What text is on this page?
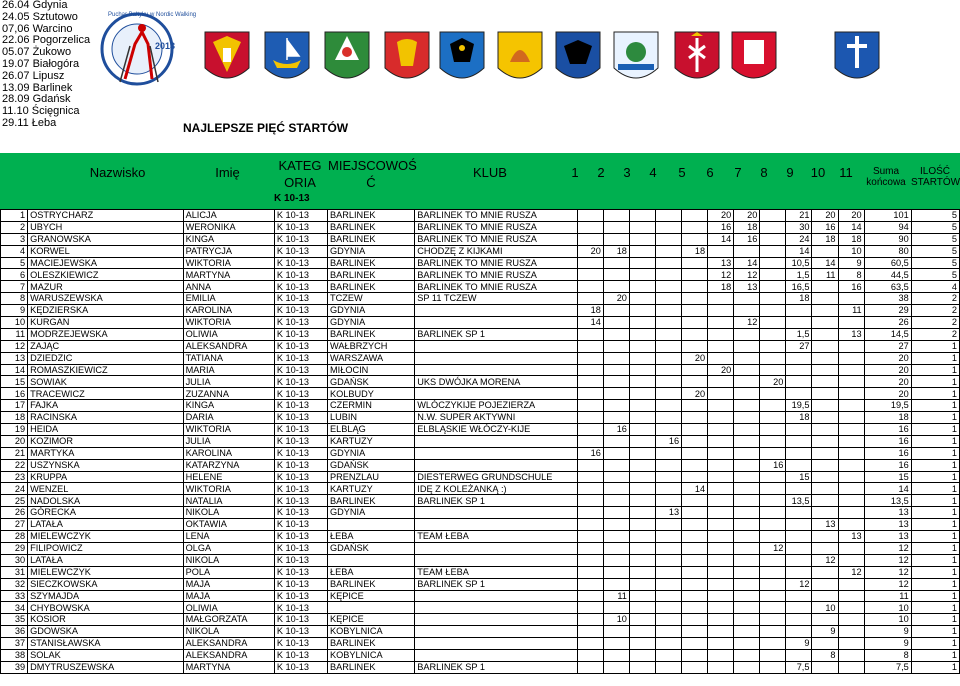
26.04 Gdynia
24.05 Sztutowo
07,06 Warcino
22.06 Pogorzelica
05.07 Żukowo
19.07 Białogóra
26.07 Lipusz
13.09 Barlinek
28.09 Gdańsk
11.10 Ścięgnica
29.11 Łeba
2013
Puchar Bałtyku w Nordic Walking
NAJLEPSZE PIĘĆ STARTÓW
Nazwisko	Imię	KATEG
ORIA
MIEJSCOWOŚ
Ć
KLUB	1 2 3 4 5 6 7 8 9 10 11	Suma
końcowa
ILOŚĆ
STARTÓW
K 10-13
1	OSTRYCHARZ	ALICJA	K 10-13	BARLINEK	BARLINEK TO MNIE RUSZA						20	20		21	20	20	101	5
2	UBYCH	WERONIKA	K 10-13	BARLINEK	BARLINEK TO MNIE RUSZA						16	18		30	16	14	94	5
3	GRANOWSKA	KINGA	K 10-13	BARLINEK	BARLINEK TO MNIE RUSZA						14	16		24	18	18	90	5
4	KORWEL	PATRYCJA	K 10-13	GDYNIA	CHODZĘ Z KIJKAMI	20	18			18				14		10	80	5
5	MACIEJEWSKA	WIKTORIA	K 10-13	BARLINEK	BARLINEK TO MNIE RUSZA						13	14		10,5	14	9	60,5	5
6	OLESZKIEWICZ	MARTYNA	K 10-13	BARLINEK	BARLINEK TO MNIE RUSZA						12	12		1,5	11	8	44,5	5
7	MAZUR	ANNA	K 10-13	BARLINEK	BARLINEK TO MNIE RUSZA						18	13		16,5		16	63,5	4
8	WARUSZEWSKA	EMILIA	K 10-13	TCZEW	SP 11 TCZEW		20							18			38	2
9	KĘDZIERSKA	KAROLINA	K 10-13	GDYNIA		18										11	29	2
10	KURGAN	WIKTORIA	K 10-13	GDYNIA		14						12					26	2
11	MODRZEJEWSKA	OLIWIA	K 10-13	BARLINEK	BARLINEK SP 1									1,5		13	14,5	2
12	ZAJĄC	ALEKSANDRA	K 10-13	WAŁBRZYCH										27			27	1
13	DZIEDZIC	TATIANA	K 10-13	WARSZAWA						20							20	1
14	ROMASZKIEWICZ	MARIA	K 10-13	MIŁOCIN							20						20	1
15	SOWIAK	JULIA	K 10-13	GDAŃSK	UKS DWÓJKA MORENA								20				20	1
16	TRACEWICZ	ZUZANNA	K 10-13	KOLBUDY						20							20	1
17	FAJKA	KINGA	K 10-13	CZERMIN	WLÓCZYKIJE POJEZIERZA									19,5			19,5	1
18	RACINSKA	DARIA	K 10-13	LUBIN	N.W. SUPER AKTYWNI									18			18	1
19	HEIDA	WIKTORIA	K 10-13	ELBLĄG	ELBLĄSKIE WŁÓCZY-KIJE		16										16	1
20	KOZIMOR	JULIA	K 10-13	KARTUZY					16								16	1
21	MARTYKA	KAROLINA	K 10-13	GDYNIA		16											16	1
22	USZYNSKA	KATARZYNA	K 10-13	GDAŃSK									16				16	1
23	KRUPPA	HELENE	K 10-13	PRENZLAU	DIESTERWEG GRUNDSCHULE									15			15	1
24	WENZEL	WIKTORIA	K 10-13	KARTUZY	IDĘ Z KOLEŻANKĄ :)					14							14	1
25	NADOLSKA	NATALIA	K 10-13	BARLINEK	BARLINEK SP 1									13,5			13,5	1
26	GÓRECKA	NIKOLA	K 10-13	GDYNIA					13								13	1
27	LATAŁA	OKTAWIA	K 10-13												13		13	1
28	MIELEWCZYK	LENA	K 10-13	ŁEBA	TEAM ŁEBA											13	13	1
29	FILIPOWICZ	OLGA	K 10-13	GDAŃSK									12				12	1
30	LATAŁA	NIKOLA	K 10-13												12		12	1
31	MIELEWCZYK	POLA	K 10-13	ŁEBA	TEAM ŁEBA											12	12	1
32	SIECZKOWSKA	MAJA	K 10-13	BARLINEK	BARLINEK SP 1									12			12	1
33	SZYMAJDA	MAJA	K 10-13	KĘPICE			11										11	1
34	CHYBOWSKA	OLIWIA	K 10-13												10		10	1
35	KOSIOR	MAŁGORZATA	K 10-13	KĘPICE			10										10	1
36	GDOWSKA	NIKOLA	K 10-13	KOBYLNICA											9		9	1
37	STANISŁAWSKA	ALEKSANDRA	K 10-13	BARLINEK										9			9	1
38	SOLAK	ALEKSANDRA	K 10-13	KOBYLNICA											8		8	1
39	DMYTRUSZEWSKA	MARTYNA	K 10-13	BARLINEK	BARLINEK SP 1									7,5			7,5	1
